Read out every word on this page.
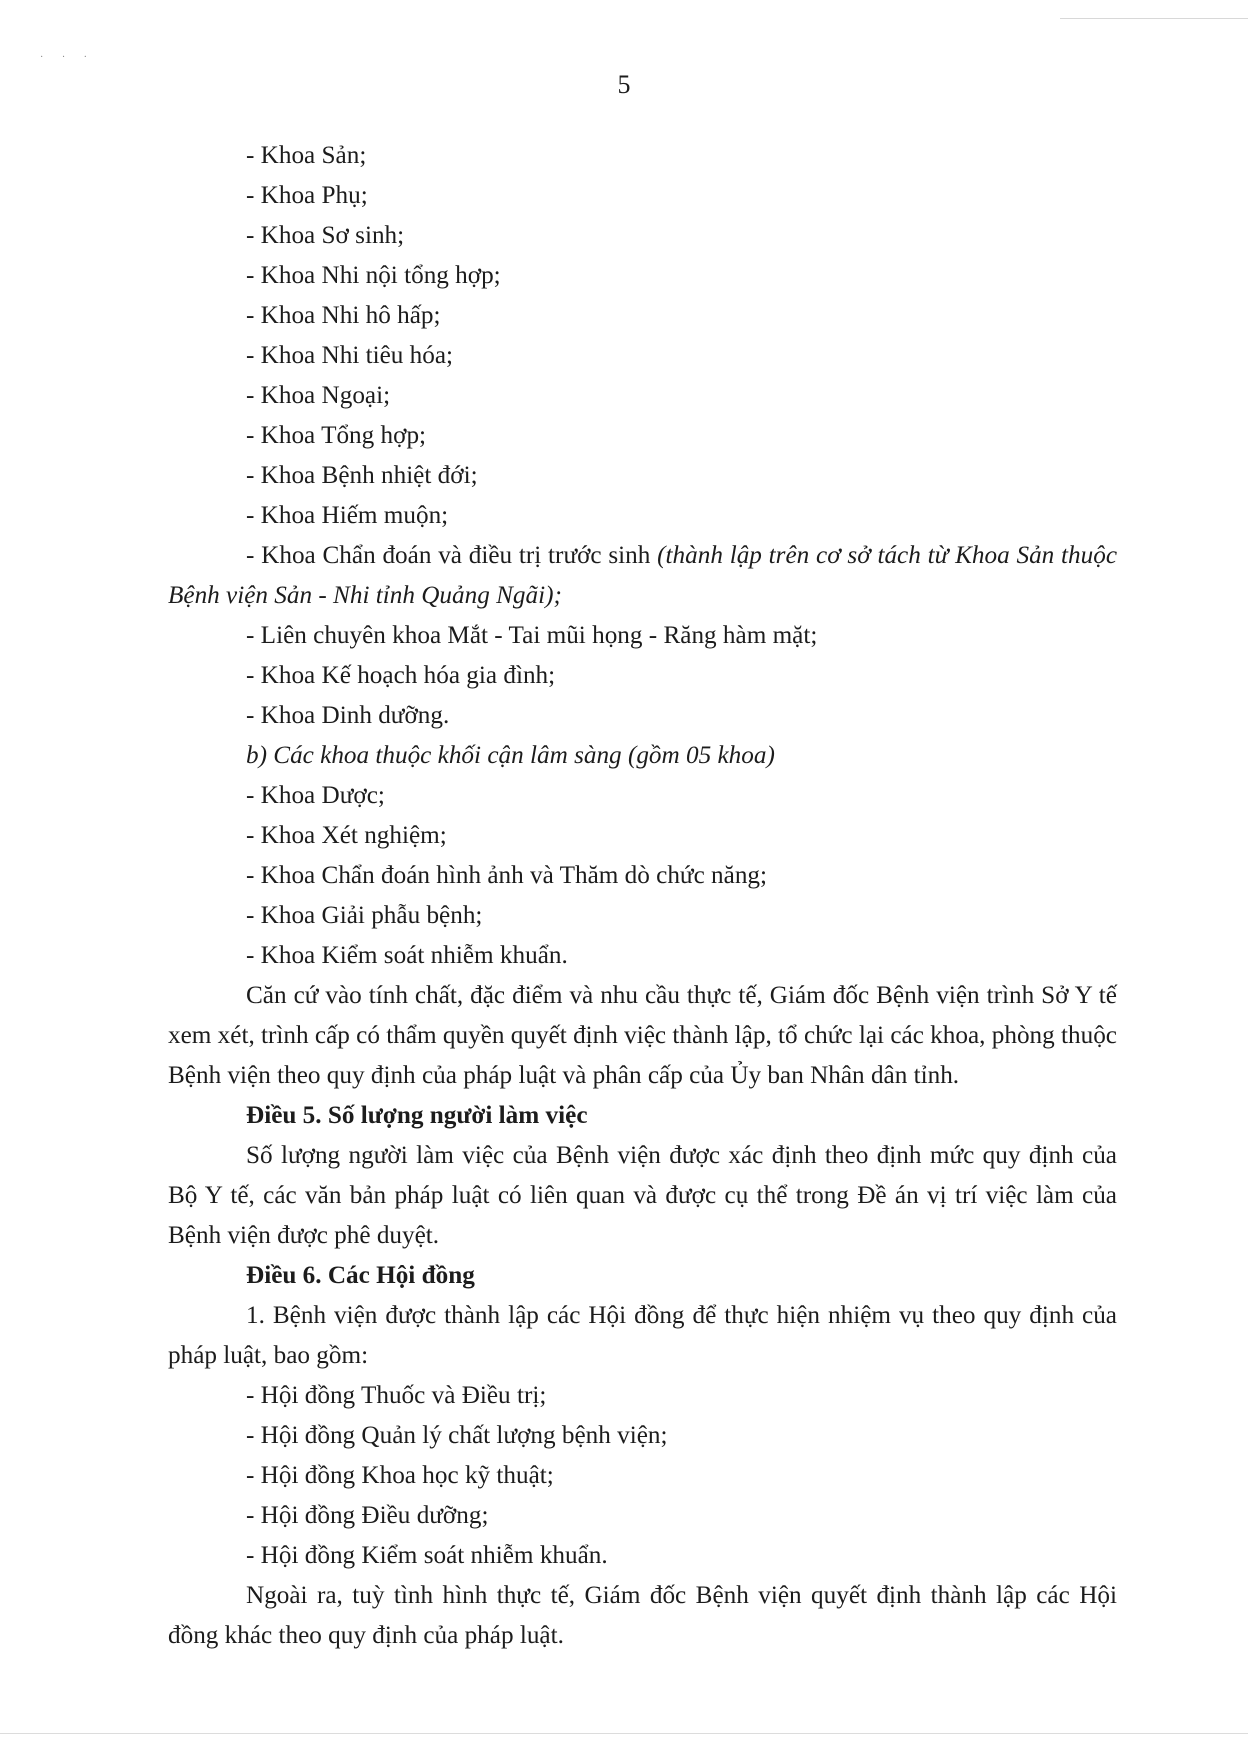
· · ·
5
- Khoa Sản;
- Khoa Phụ;
- Khoa Sơ sinh;
- Khoa Nhi nội tổng hợp;
- Khoa Nhi hô hấp;
- Khoa Nhi tiêu hóa;
- Khoa Ngoại;
- Khoa Tổng hợp;
- Khoa Bệnh nhiệt đới;
- Khoa Hiếm muộn;
- Khoa Chẩn đoán và điều trị trước sinh (thành lập trên cơ sở tách từ Khoa Sản thuộc Bệnh viện Sản - Nhi tỉnh Quảng Ngãi);
- Liên chuyên khoa Mắt - Tai mũi họng - Răng hàm mặt;
- Khoa Kế hoạch hóa gia đình;
- Khoa Dinh dưỡng.
b) Các khoa thuộc khối cận lâm sàng (gồm 05 khoa)
- Khoa Dược;
- Khoa Xét nghiệm;
- Khoa Chẩn đoán hình ảnh và Thăm dò chức năng;
- Khoa Giải phẫu bệnh;
- Khoa Kiểm soát nhiễm khuẩn.
Căn cứ vào tính chất, đặc điểm và nhu cầu thực tế, Giám đốc Bệnh viện trình Sở Y tế xem xét, trình cấp có thẩm quyền quyết định việc thành lập, tổ chức lại các khoa, phòng thuộc Bệnh viện theo quy định của pháp luật và phân cấp của Ủy ban Nhân dân tỉnh.
Điều 5. Số lượng người làm việc
Số lượng người làm việc của Bệnh viện được xác định theo định mức quy định của Bộ Y tế, các văn bản pháp luật có liên quan và được cụ thể trong Đề án vị trí việc làm của Bệnh viện được phê duyệt.
Điều 6. Các Hội đồng
1. Bệnh viện được thành lập các Hội đồng để thực hiện nhiệm vụ theo quy định của pháp luật, bao gồm:
- Hội đồng Thuốc và Điều trị;
- Hội đồng Quản lý chất lượng bệnh viện;
- Hội đồng Khoa học kỹ thuật;
- Hội đồng Điều dưỡng;
- Hội đồng Kiểm soát nhiễm khuẩn.
Ngoài ra, tuỳ tình hình thực tế, Giám đốc Bệnh viện quyết định thành lập các Hội đồng khác theo quy định của pháp luật.
